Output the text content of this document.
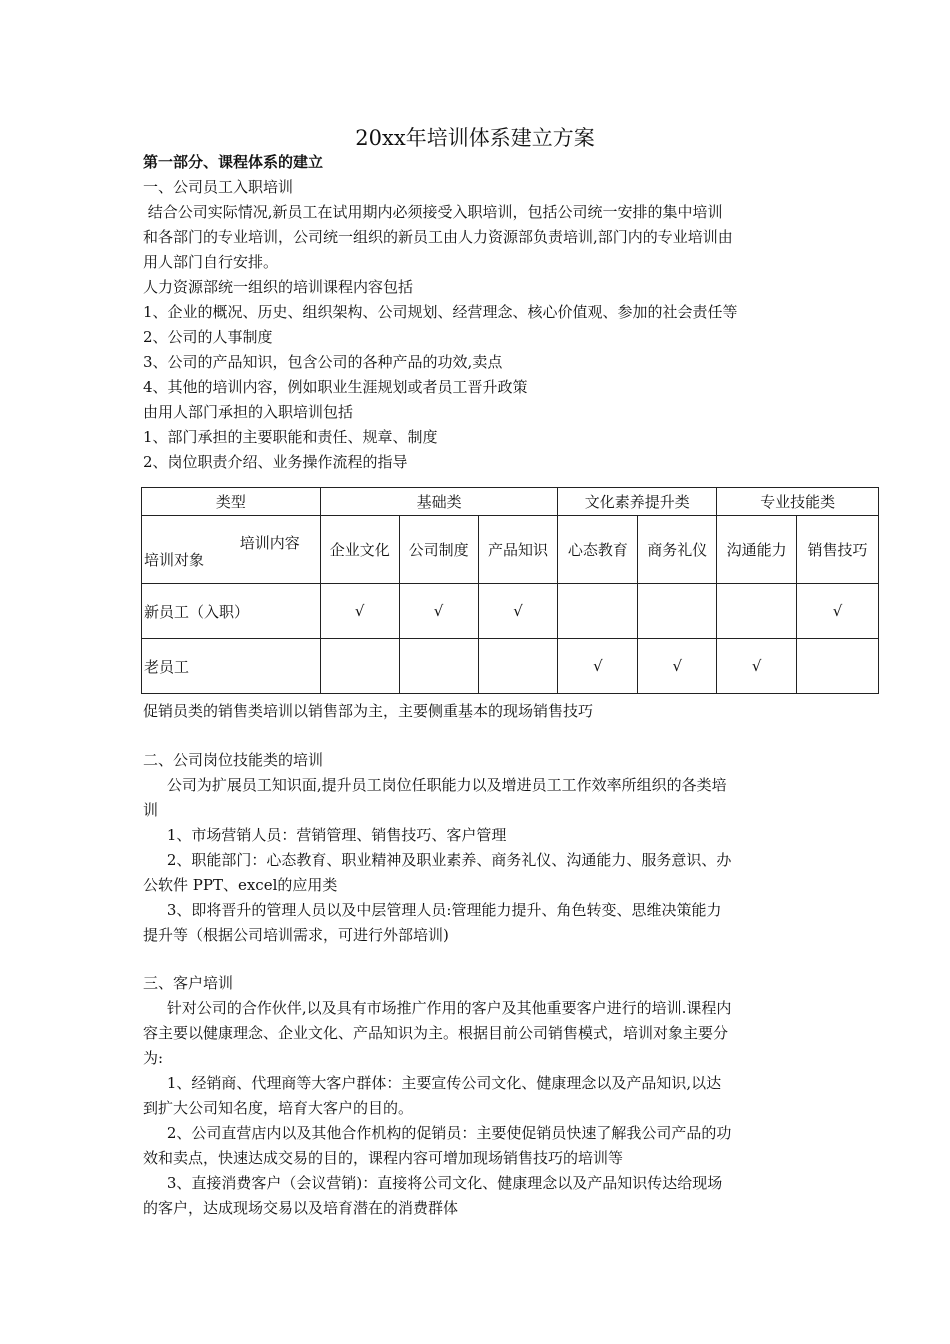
20xx年培训体系建立方案
第一部分、课程体系的建立
一、公司员工入职培训
结合公司实际情况,新员工在试用期内必须接受入职培训，包括公司统一安排的集中培训
和各部门的专业培训，公司统一组织的新员工由人力资源部负责培训,部门内的专业培训由
用人部门自行安排。
人力资源部统一组织的培训课程内容包括
1、企业的概况、历史、组织架构、公司规划、经营理念、核心价值观、参加的社会责任等
2、公司的人事制度
3、公司的产品知识，包含公司的各种产品的功效,卖点
4、其他的培训内容，例如职业生涯规划或者员工晋升政策
由用人部门承担的入职培训包括
1、部门承担的主要职能和责任、规章、制度
2、岗位职责介绍、业务操作流程的指导
类型	基础类			文化素养提升类		专业技能类	

培训内容
培训对象	企业文化	公司制度	产品知识	心态教育	商务礼仪	沟通能力	销售技巧
新员工（入职）	√	√	√				√
老员工				√	√	√	
促销员类的销售类培训以销售部为主，主要侧重基本的现场销售技巧
二、公司岗位技能类的培训
公司为扩展员工知识面,提升员工岗位任职能力以及增进员工工作效率所组织的各类培
训
1、市场营销人员：营销管理、销售技巧、客户管理
2、职能部门：心态教育、职业精神及职业素养、商务礼仪、沟通能力、服务意识、办
公软件 PPT、excel的应用类
3、即将晋升的管理人员以及中层管理人员:管理能力提升、角色转变、思维决策能力
提升等（根据公司培训需求，可进行外部培训)
三、客户培训
针对公司的合作伙伴,以及具有市场推广作用的客户及其他重要客户进行的培训.课程内
容主要以健康理念、企业文化、产品知识为主。根据目前公司销售模式，培训对象主要分
为:
1、经销商、代理商等大客户群体：主要宣传公司文化、健康理念以及产品知识,以达
到扩大公司知名度，培育大客户的目的。
2、公司直营店内以及其他合作机构的促销员：主要使促销员快速了解我公司产品的功
效和卖点，快速达成交易的目的，课程内容可增加现场销售技巧的培训等
3、直接消费客户（会议营销)：直接将公司文化、健康理念以及产品知识传达给现场
的客户，达成现场交易以及培育潜在的消费群体
